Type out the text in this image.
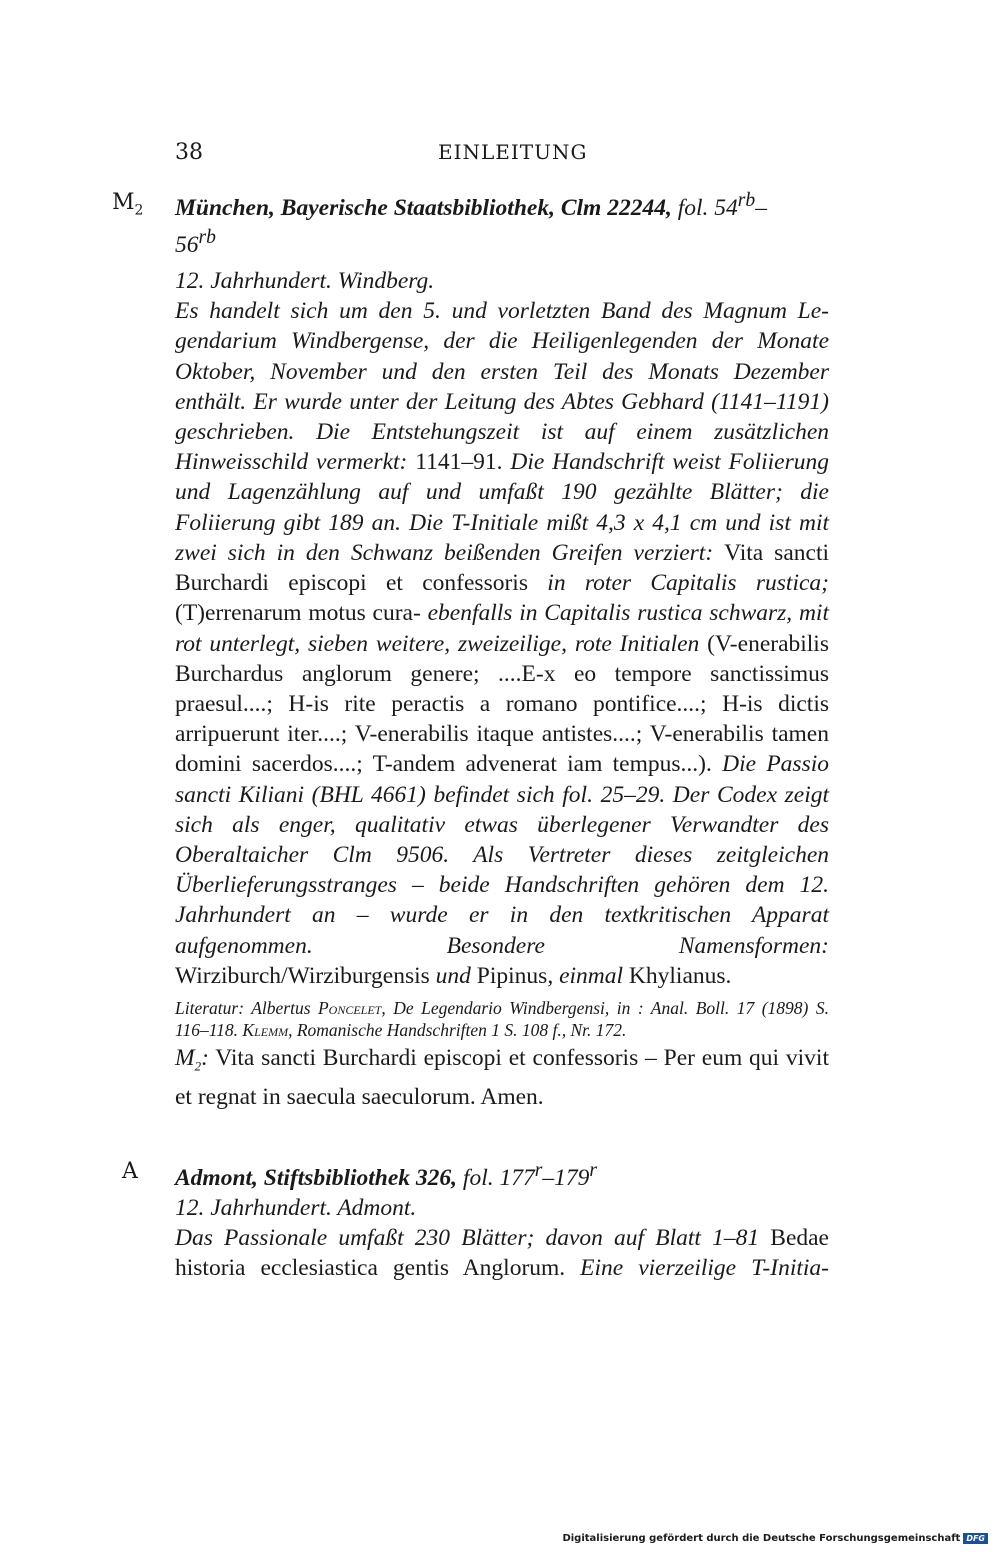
38	EINLEITUNG
$M_2$ München, Bayerische Staatsbibliothek, Clm 22244, fol. $54^{rb}-$
$56^{rb}$

12. Jahrhundert. Windberg.

Es handelt sich um den 5. und vorletzten Band des Magnum Legendarium Windbergense, der die Heiligenlegenden der Monate Oktober, November und den ersten Teil des Monats Dezember enthält. Er wurde unter der Leitung des Abtes Gebhard (1141–1191) geschrieben. Die Entstehungszeit ist auf einem zusätzlichen Hinweisschild vermerkt: 1141–91. Die Handschrift weist Foliierung und Lagenzählung auf und umfaßt 190 gezählte Blätter; die Foliierung gibt 189 an. Die T-Initiale mißt 4,3 x 4,1 cm und ist mit zwei sich in den Schwanz beißenden Greifen verziert: Vita sancti Burchardi episcopi et confessoris in roter Capitalis rustica; (T)errenarum motus cura- ebenfalls in Capitalis rustica schwarz, mit rot unterlegt, sieben weitere, zweizeilige, rote Initialen (V-enerabilis Burchardus anglorum genere; ....E-x eo tempore sanctissimus praesul....; H-is rite peractis a romano pontifice....; H-is dictis arripuerunt iter....; V-enerabilis itaque antistes....; V-enerabilis tamen domini sacerdos....; T-andem advenerat iam tempus...). Die Passio sancti Kiliani (BHL 4661) befindet sich fol. 25–29. Der Codex zeigt sich als enger, qualitativ etwas überlegener Verwandter des Oberaltaicher Clm 9506. Als Vertreter dieses zeitgleichen Überlieferungsstranges – beide Handschriften gehören dem 12. Jahrhundert an – wurde er in den textkritischen Apparat aufgenommen. Besondere Namensformen: Wirziburch/Wirziburgensis und Pipinus, einmal Khylianus.

Literatur: Albertus Poncelet, De Legendario Windbergensi, in : Anal. Boll. 17 (1898) S. 116–118. Klemm, Romanische Handschriften 1 S. 108 f., Nr. 172.

$M_2$: Vita sancti Burchardi episcopi et confessoris – Per eum qui vivit et regnat in saecula saeculorum. Amen.

A Admont, Stiftsbibliothek 326, fol. 177$^r$–179$^r$

12. Jahrhundert. Admont.

Das Passionale umfaßt 230 Blätter; davon auf Blatt 1–81 Bedae historia ecclesiastica gentis Anglorum. Eine vierzeilige T-Initia-

Digitalisierung gefördert durch die Deutsche Forschungsgemeinschaft DFG
